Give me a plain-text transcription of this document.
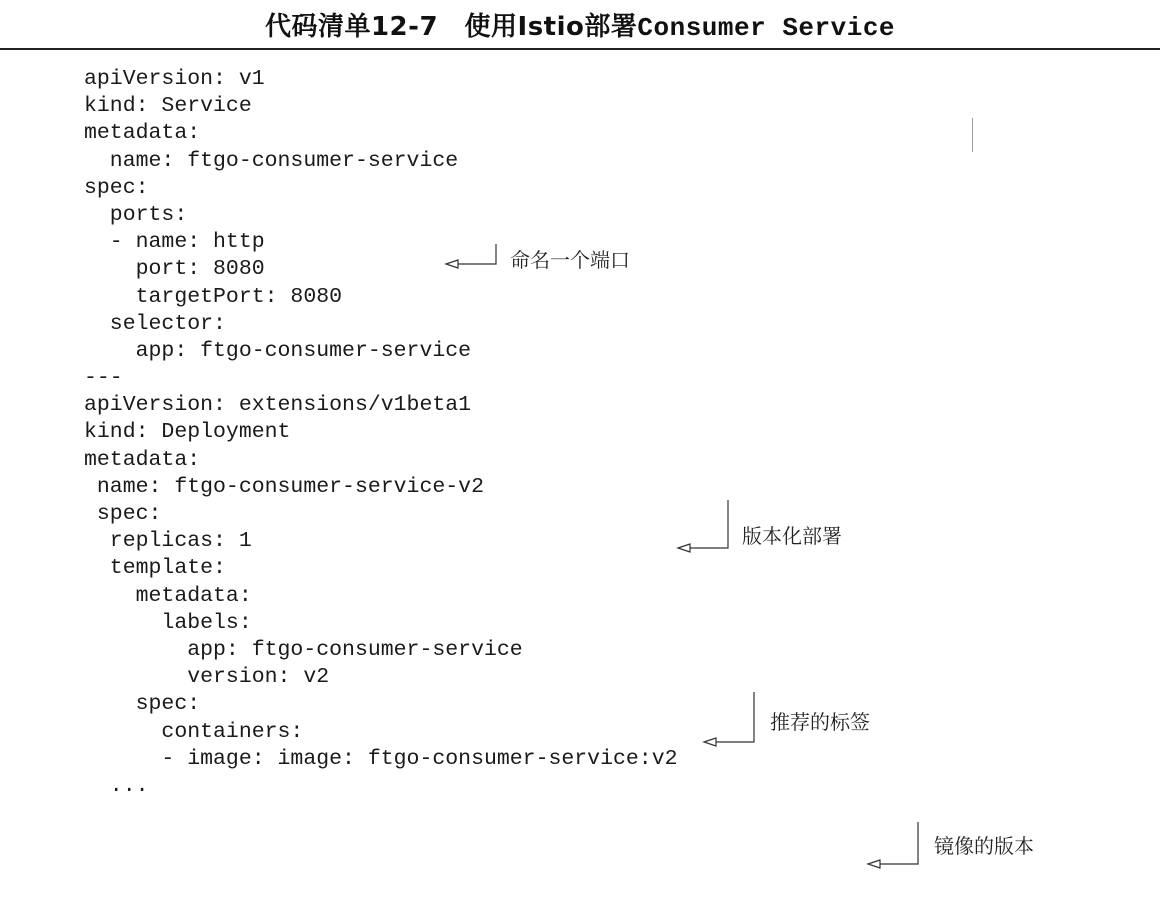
代码清单12-7　使用Istio部署Consumer Service
apiVersion: v1
kind: Service
metadata:
name: ftgo-consumer-service
spec:
ports:
- name: http
port: 8080
targetPort: 8080
selector:
app: ftgo-consumer-service
---
apiVersion: extensions/v1beta1
kind: Deployment
metadata:
name: ftgo-consumer-service-v2
spec:
replicas: 1
template:
metadata:
labels:
app: ftgo-consumer-service
version: v2
spec:
containers:
- image: image: ftgo-consumer-service:v2
...
命名一个端口
版本化部署
推荐的标签
镜像的版本
